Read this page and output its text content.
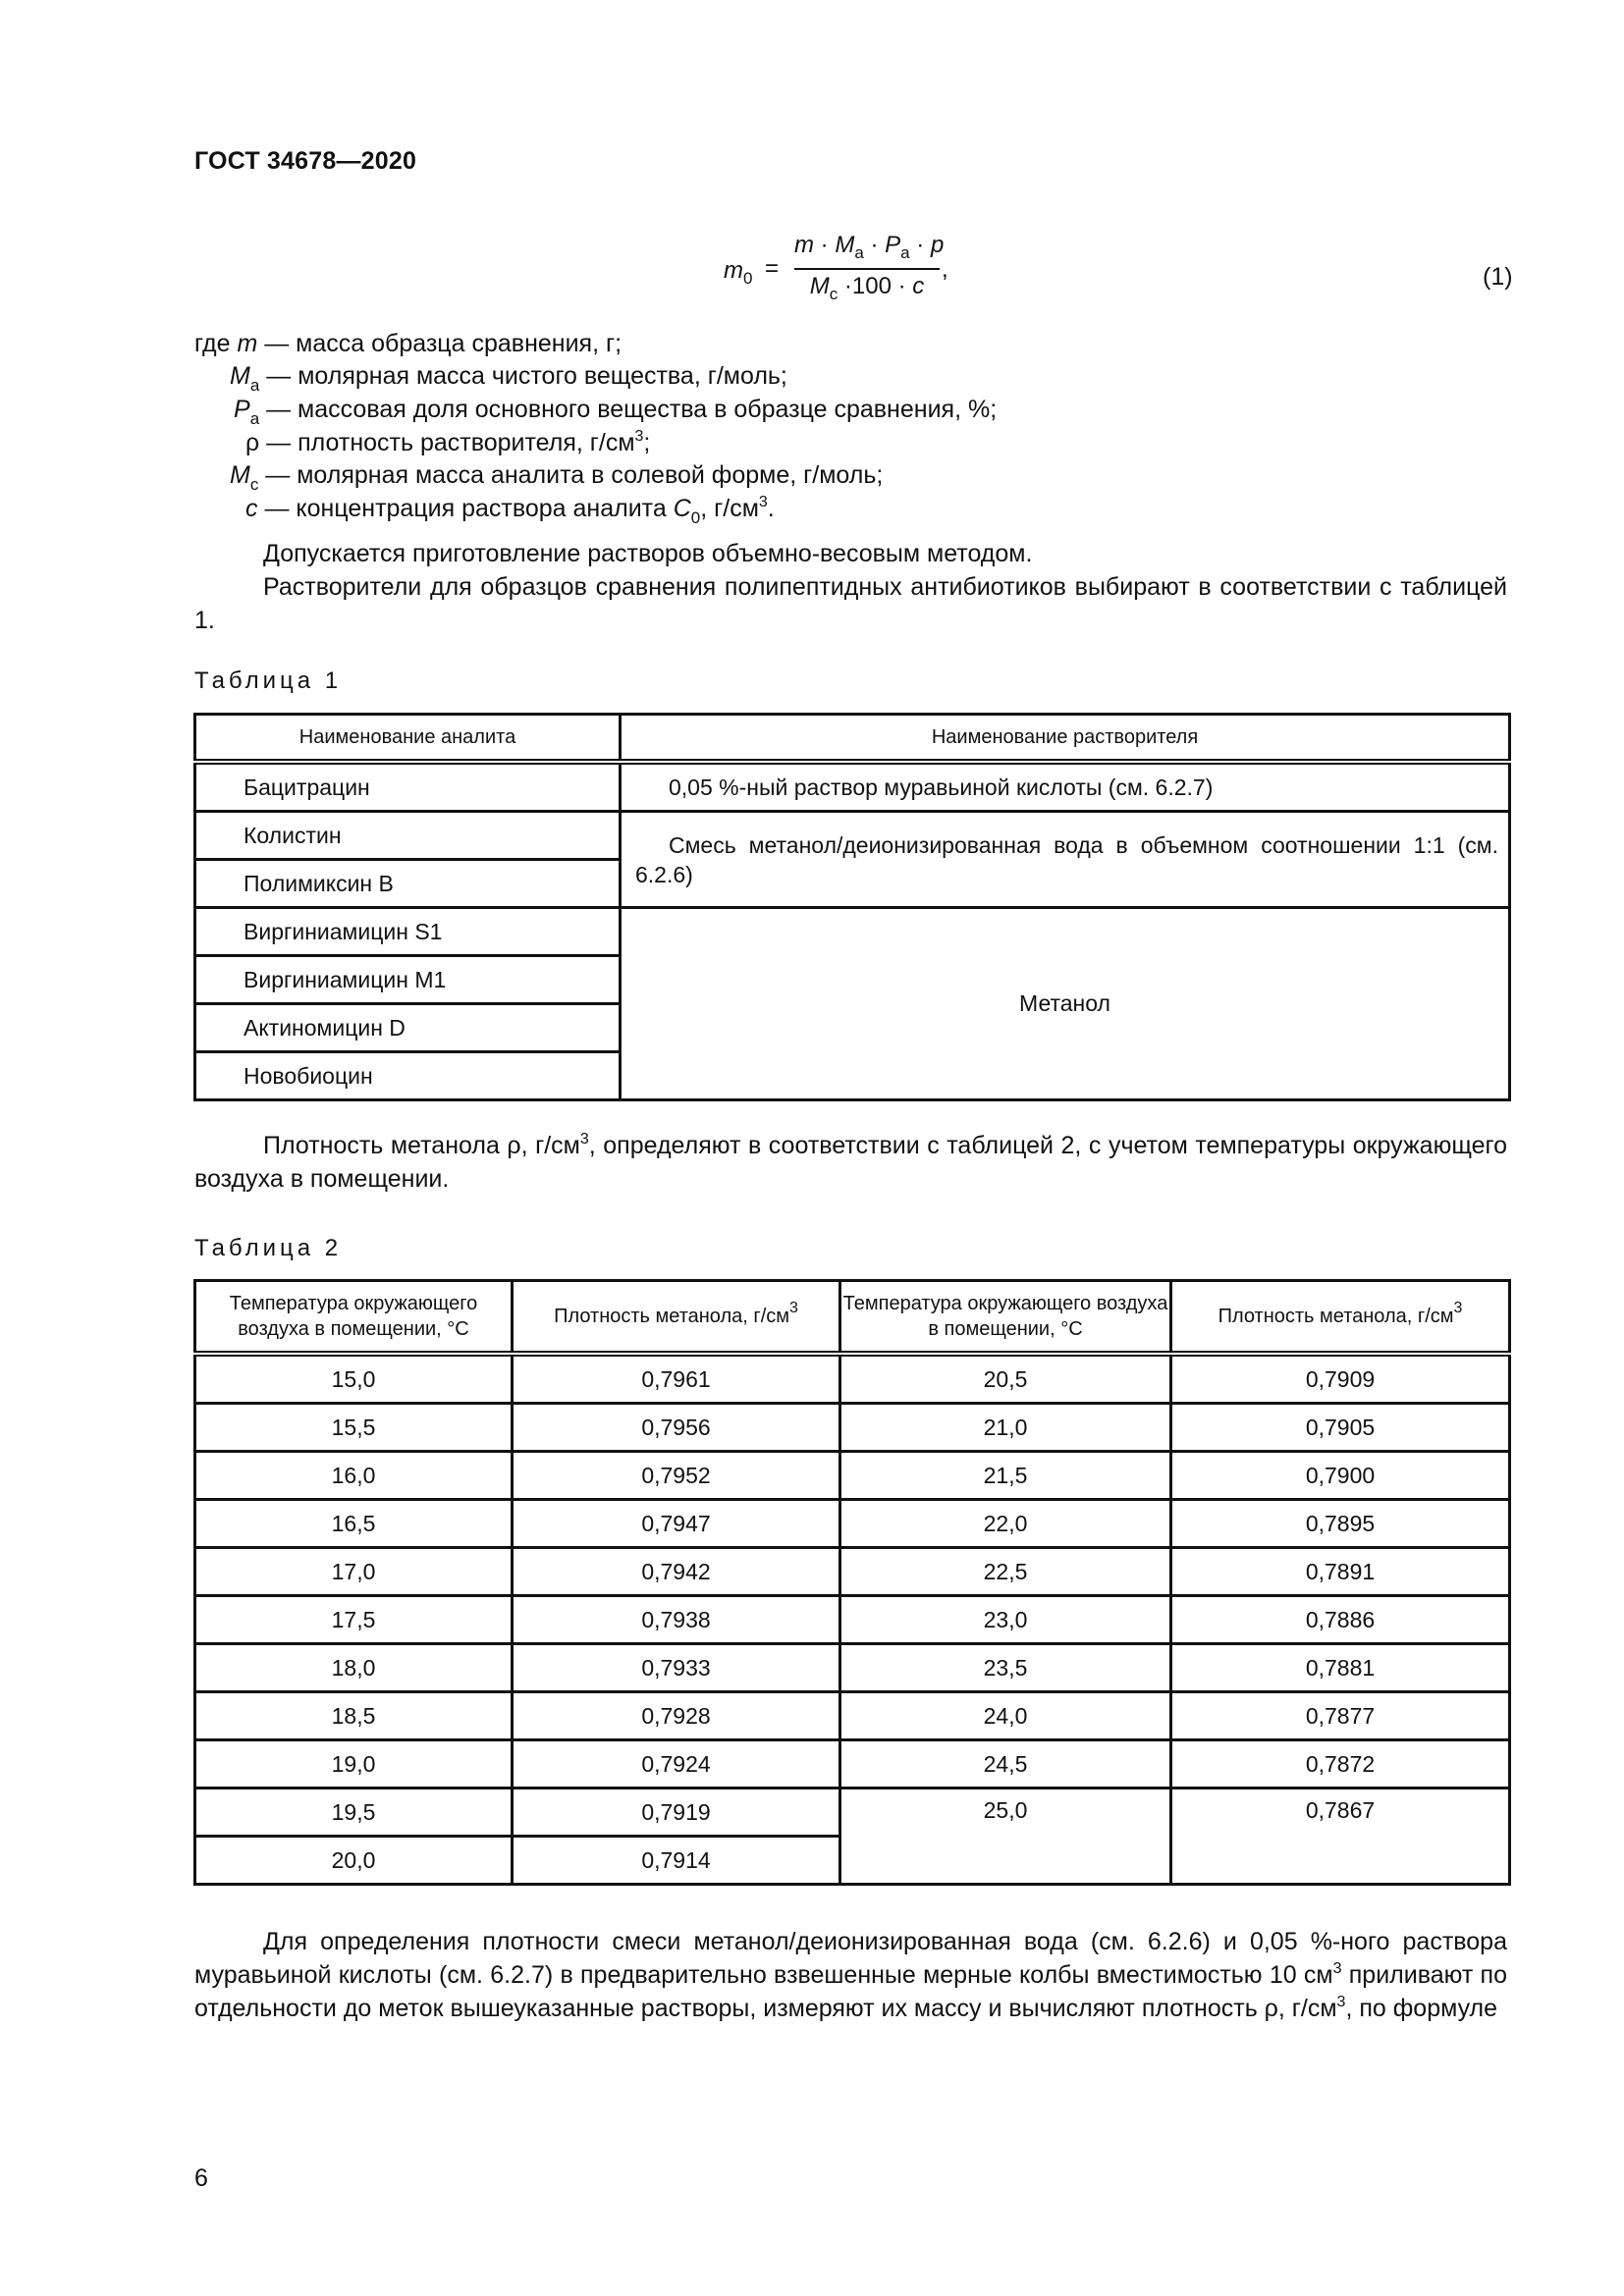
ГОСТ 34678—2020
$m_0$ =
$m \cdot M_a \cdot P_a \cdot p$
$M_c \cdot 100 \cdot c$
,	(1)
где m — масса образца сравнения, г;
$M_a$ — молярная масса чистого вещества, г/моль;
$P_a$ — массовая доля основного вещества в образце сравнения, %;
ρ — плотность растворителя, $г/см^3$;
$M_c$ — молярная масса аналита в солевой форме, г/моль;
c — концентрация раствора аналита $C_0$, $г/см^3$.
Допускается приготовление растворов объемно-весовым методом.
Растворители для образцов сравнения полипептидных антибиотиков выбирают в соответствии с таблицей 1.
Таблица 1
Наименование аналита	Наименование растворителя
Бацитрацин	0,05 %-ный раствор муравьиной кислоты (см. 6.2.7)
Колистин	Смесь метанол/деионизированная вода в объемном соотношении 1:1 (см. 6.2.6)
Полимиксин В	
Виргиниамицин S1	Метанол
Виргиниамицин M1	
Актиномицин D	
Новобиоцин	
Плотность метанола ρ, $г/см^3$, определяют в соответствии с таблицей 2, с учетом температуры окружающего воздуха в помещении.
Таблица 2
Температура окружающего воздуха в помещении, °C	Плотность метанола, $г/см^3$	Температура окружающего воздуха в помещении, °C	Плотность метанола, $г/см^3$
15,0	0,7961	20,5	0,7909
15,5	0,7956	21,0	0,7905
16,0	0,7952	21,5	0,7900
16,5	0,7947	22,0	0,7895
17,0	0,7942	22,5	0,7891
17,5	0,7938	23,0	0,7886
18,0	0,7933	23,5	0,7881
18,5	0,7928	24,0	0,7877
19,0	0,7924	24,5	0,7872
19,5	0,7919	25,0	0,7867
20,0	0,7914		
Для определения плотности смеси метанол/деионизированная вода (см. 6.2.6) и 0,05 %-ного раствора муравьиной кислоты (см. 6.2.7) в предварительно взвешенные мерные колбы вместимостью 10 $см^3$ приливают по отдельности до меток вышеуказанные растворы, измеряют их массу и вычисляют плотность ρ, $г/см^3$, по формуле
6
